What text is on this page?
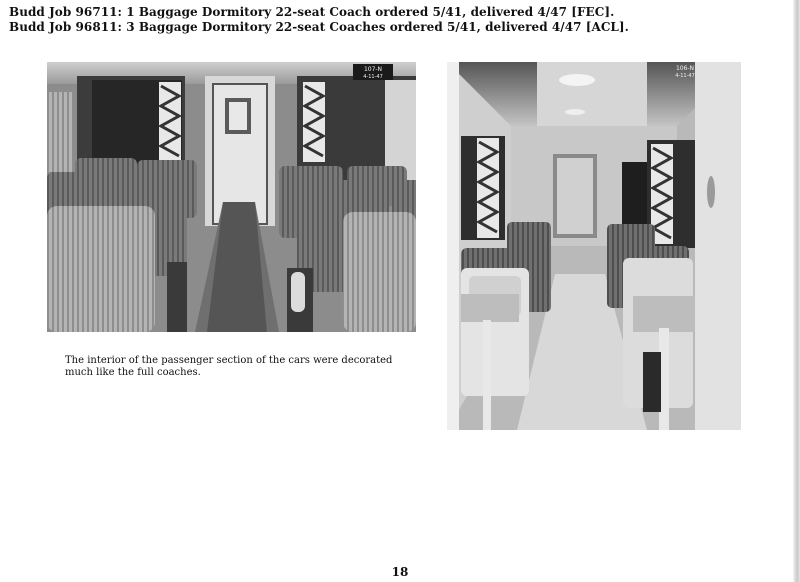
Budd Job 96711: 1 Baggage Dormitory 22-seat Coach ordered 5/41, delivered 4/47 [FEC].
Budd Job 96811: 3 Baggage Dormitory 22-seat Coaches ordered 5/41, delivered 4/47 [ACL].
107-N
4-11-47
106-N
4-11-47
The interior of the passenger section of the cars were decorated much like the full coaches.
18
